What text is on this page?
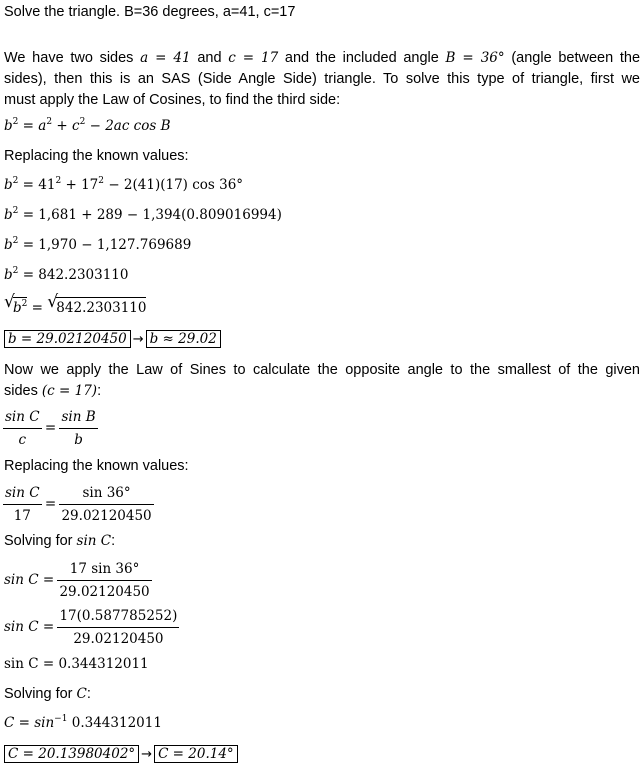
Solve the triangle. B=36 degrees, a=41, c=17
We have two sides a = 41 and c = 17 and the included angle B = 36° (angle between the
sides), then this is an SAS (Side Angle Side) triangle. To solve this type of triangle, first we
must apply the Law of Cosines, to find the third side:
$b^2 = a^2 + c^2 - 2ac$ cos B
Replacing the known values:
$b^2 = 41^2 + 17^2 - 2(41)(17)$ cos 36°
$b^2 = 1,681 + 289 - 1,394(0.809016994)$
$b^2 = 1,970 - 1,127.769689$
$b^2 = 842.2303110$
√
$b^2$ = √
842.2303110
b = 29.02120450 → b ≈ 29.02
Now we apply the Law of Sines to calculate the opposite angle to the smallest of the given
sides (c = 17):
$\frac{\text{sin C}}{c} = \frac{\text{sin B}}{b}$
Replacing the known values:
$\frac{\text{sin C}}{17} = \frac{\sin 36^\circ}{29.02120450}$
Solving for sin C:
$\sin C = \frac{17 \sin 36^\circ}{29.02120450}$
$\sin C = \frac{17(0.587785252)}{29.02120450}$
sin C = 0.344312011
Solving for C:
$C = \sin^{-1} 0.344312011$
C = 20.13980402° → C = 20.14°
